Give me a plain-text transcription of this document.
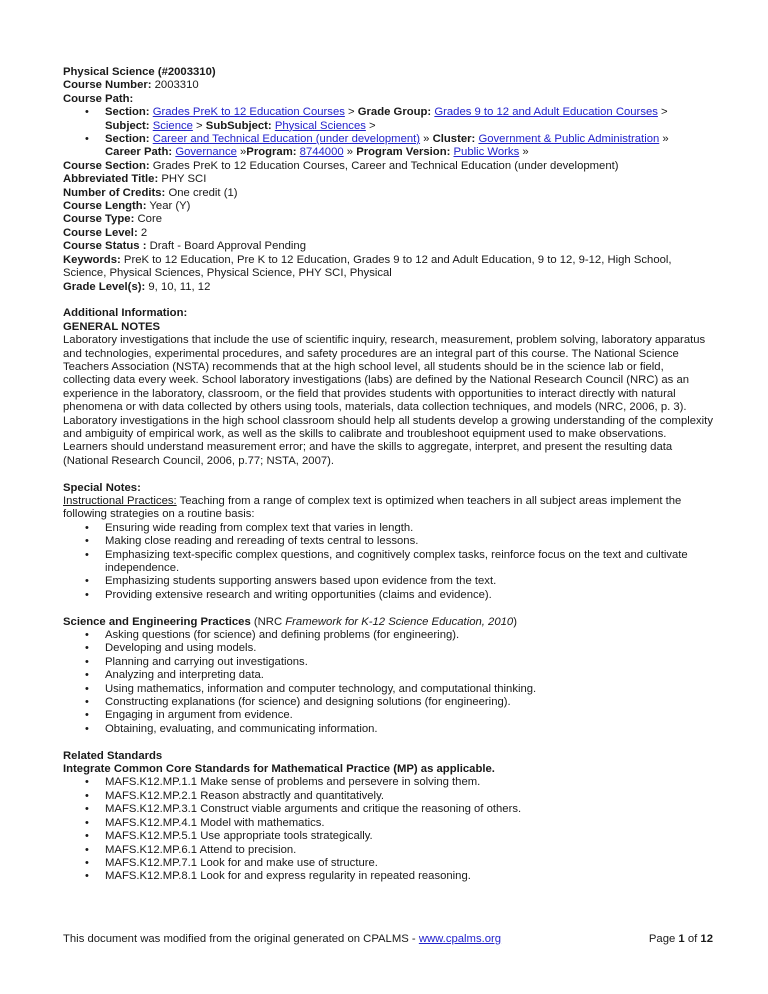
Physical Science (#2003310)

Course Number: 2003310

Course Path:

• Section: Grades PreK to 12 Education Courses > Grade Group: Grades 9 to 12 and Adult Education Courses > Subject: Science > SubSubject: Physical Sciences >
• Section: Career and Technical Education (under development) » Cluster: Government & Public Administration »
Career Path: Governance »Program: 8744000 » Program Version: Public Works »

Course Section: Grades PreK to 12 Education Courses, Career and Technical Education (under development)

Abbreviated Title: PHY SCI

Number of Credits: One credit (1)

Course Length: Year (Y)

Course Type: Core

Course Level: 2

Course Status : Draft - Board Approval Pending

Keywords: PreK to 12 Education, Pre K to 12 Education, Grades 9 to 12 and Adult Education, 9 to 12, 9-12, High School, Science, Physical Sciences, Physical Science, PHY SCI, Physical

Grade Level(s): 9, 10, 11, 12

Additional Information:

GENERAL NOTES

Laboratory investigations that include the use of scientific inquiry, research, measurement, problem solving, laboratory apparatus and technologies, experimental procedures, and safety procedures are an integral part of this course. The National Science Teachers Association (NSTA) recommends that at the high school level, all students should be in the science lab or field, collecting data every week. School laboratory investigations (labs) are defined by the National Research Council (NRC) as an experience in the laboratory, classroom, or the field that provides students with opportunities to interact directly with natural phenomena or with data collected by others using tools, materials, data collection techniques, and models (NRC, 2006, p. 3). Laboratory investigations in the high school classroom should help all students develop a growing understanding of the complexity and ambiguity of empirical work, as well as the skills to calibrate and troubleshoot equipment used to make observations. Learners should understand measurement error; and have the skills to aggregate, interpret, and present the resulting data (National Research Council, 2006, p.77; NSTA, 2007).

Special Notes:

Instructional Practices: Teaching from a range of complex text is optimized when teachers in all subject areas implement the following strategies on a routine basis:

• Ensuring wide reading from complex text that varies in length.
• Making close reading and rereading of texts central to lessons.
• Emphasizing text-specific complex questions, and cognitively complex tasks, reinforce focus on the text and cultivate independence.
• Emphasizing students supporting answers based upon evidence from the text.
• Providing extensive research and writing opportunities (claims and evidence).

Science and Engineering Practices (NRC Framework for K-12 Science Education, 2010)

• Asking questions (for science) and defining problems (for engineering).
• Developing and using models.
• Planning and carrying out investigations.
• Analyzing and interpreting data.
• Using mathematics, information and computer technology, and computational thinking.
• Constructing explanations (for science) and designing solutions (for engineering).
• Engaging in argument from evidence.
• Obtaining, evaluating, and communicating information.

Related Standards

Integrate Common Core Standards for Mathematical Practice (MP) as applicable.

• MAFS.K12.MP.1.1 Make sense of problems and persevere in solving them.
• MAFS.K12.MP.2.1 Reason abstractly and quantitatively.
• MAFS.K12.MP.3.1 Construct viable arguments and critique the reasoning of others.
• MAFS.K12.MP.4.1 Model with mathematics.
• MAFS.K12.MP.5.1 Use appropriate tools strategically.
• MAFS.K12.MP.6.1 Attend to precision.
• MAFS.K12.MP.7.1 Look for and make use of structure.
• MAFS.K12.MP.8.1 Look for and express regularity in repeated reasoning.
This document was modified from the original generated on CPALMS - www.cpalms.org	Page 1 of 12
